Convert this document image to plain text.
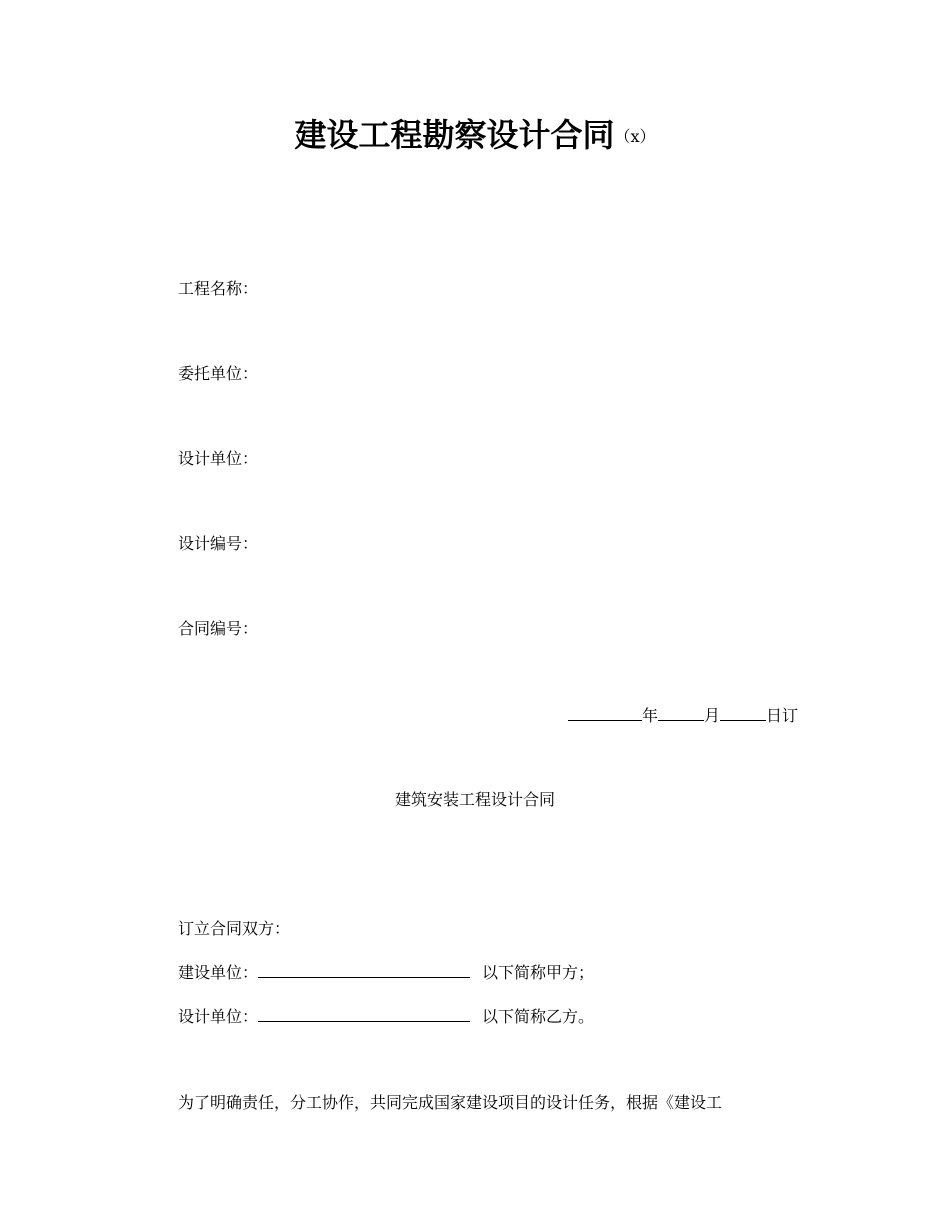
建设工程勘察设计合同（x）
工程名称：
委托单位：
设计单位：
设计编号：
合同编号：
年	月	日订
建筑安装工程设计合同
订立合同双方：
建设单位：	以下简称甲方；
设计单位：	以下简称乙方。
为了明确责任，分工协作，共同完成国家建设项目的设计任务，根据《建设工
